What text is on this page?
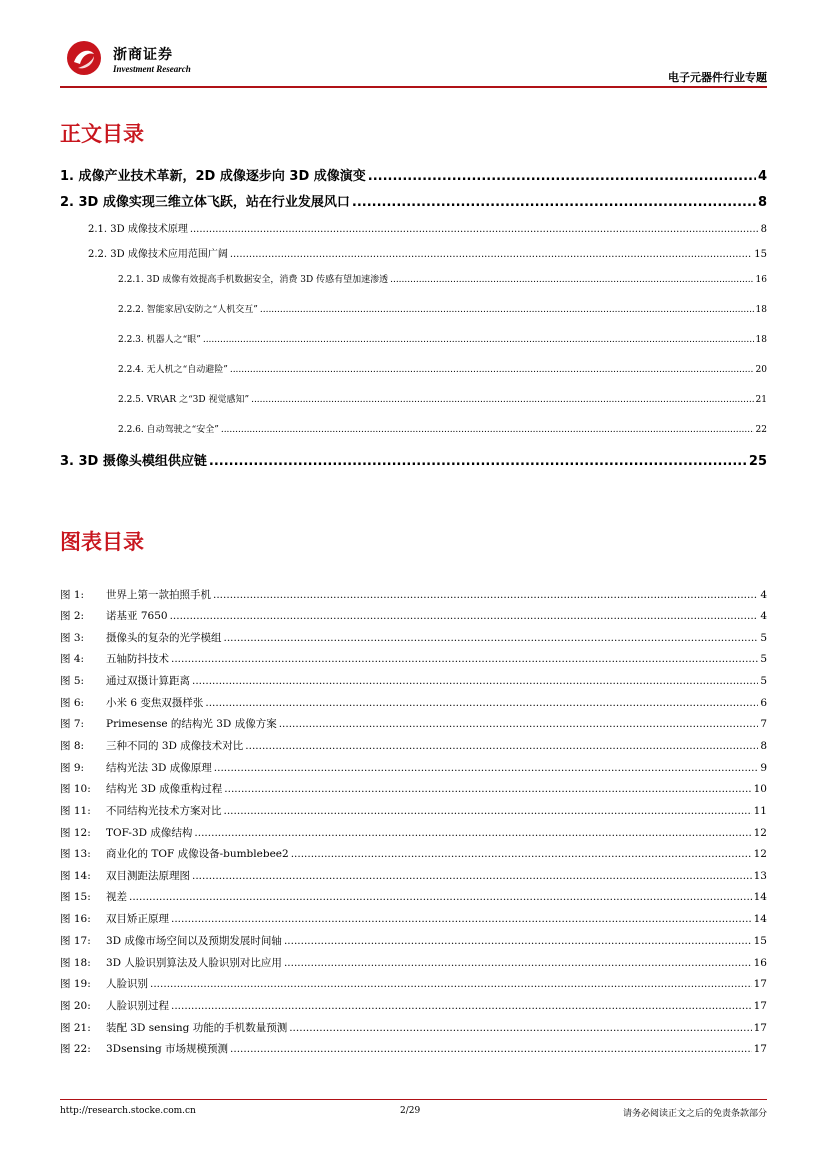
浙商证券
Investment Research
电子元器件行业专题
正文目录
1. 成像产业技术革新，2D 成像逐步向 3D 成像演变 .....	4
2. 3D 成像实现三维立体飞跃，站在行业发展风口 .....	8
2.1. 3D 成像技术原理 .....	8
2.2. 3D 成像技术应用范围广阔 .....	15
2.2.1. 3D 成像有效提高手机数据安全，消费 3D 传感有望加速渗透 .....	16
2.2.2. 智能家居\安防之“人机交互” .....	18
2.2.3. 机器人之“眼” .....	18
2.2.4. 无人机之“自动避险” .....	20
2.2.5. VR\AR 之“3D 视觉感知” .....	21
2.2.6. 自动驾驶之“安全” .....	22
3. 3D 摄像头模组供应链 .....	25
图表目录
图 1: 世界上第一款拍照手机 .....	4
图 2: 诺基亚 7650 .....	4
图 3: 摄像头的复杂的光学模组 .....	5
图 4: 五轴防抖技术 .....	5
图 5: 通过双摄计算距离 .....	5
图 6: 小米 6 变焦双摄样张 .....	6
图 7: Primesense 的结构光 3D 成像方案 .....	7
图 8: 三种不同的 3D 成像技术对比 .....	8
图 9: 结构光法 3D 成像原理 .....	9
图 10: 结构光 3D 成像重构过程 .....	10
图 11: 不同结构光技术方案对比 .....	11
图 12: TOF-3D 成像结构 .....	12
图 13: 商业化的 TOF 成像设备-bumblebee2 .....	12
图 14: 双目测距法原理图 .....	13
图 15: 视差 .....	14
图 16: 双目矫正原理 .....	14
图 17: 3D 成像市场空间以及预期发展时间轴 .....	15
图 18: 3D 人脸识别算法及人脸识别对比应用 .....	16
图 19: 人脸识别 .....	17
图 20: 人脸识别过程 .....	17
图 21: 装配 3D sensing 功能的手机数量预测 .....	17
图 22: 3Dsensing 市场规模预测 .....	17
http://research.stocke.com.cn	2/29	请务必阅读正文之后的免责条款部分
